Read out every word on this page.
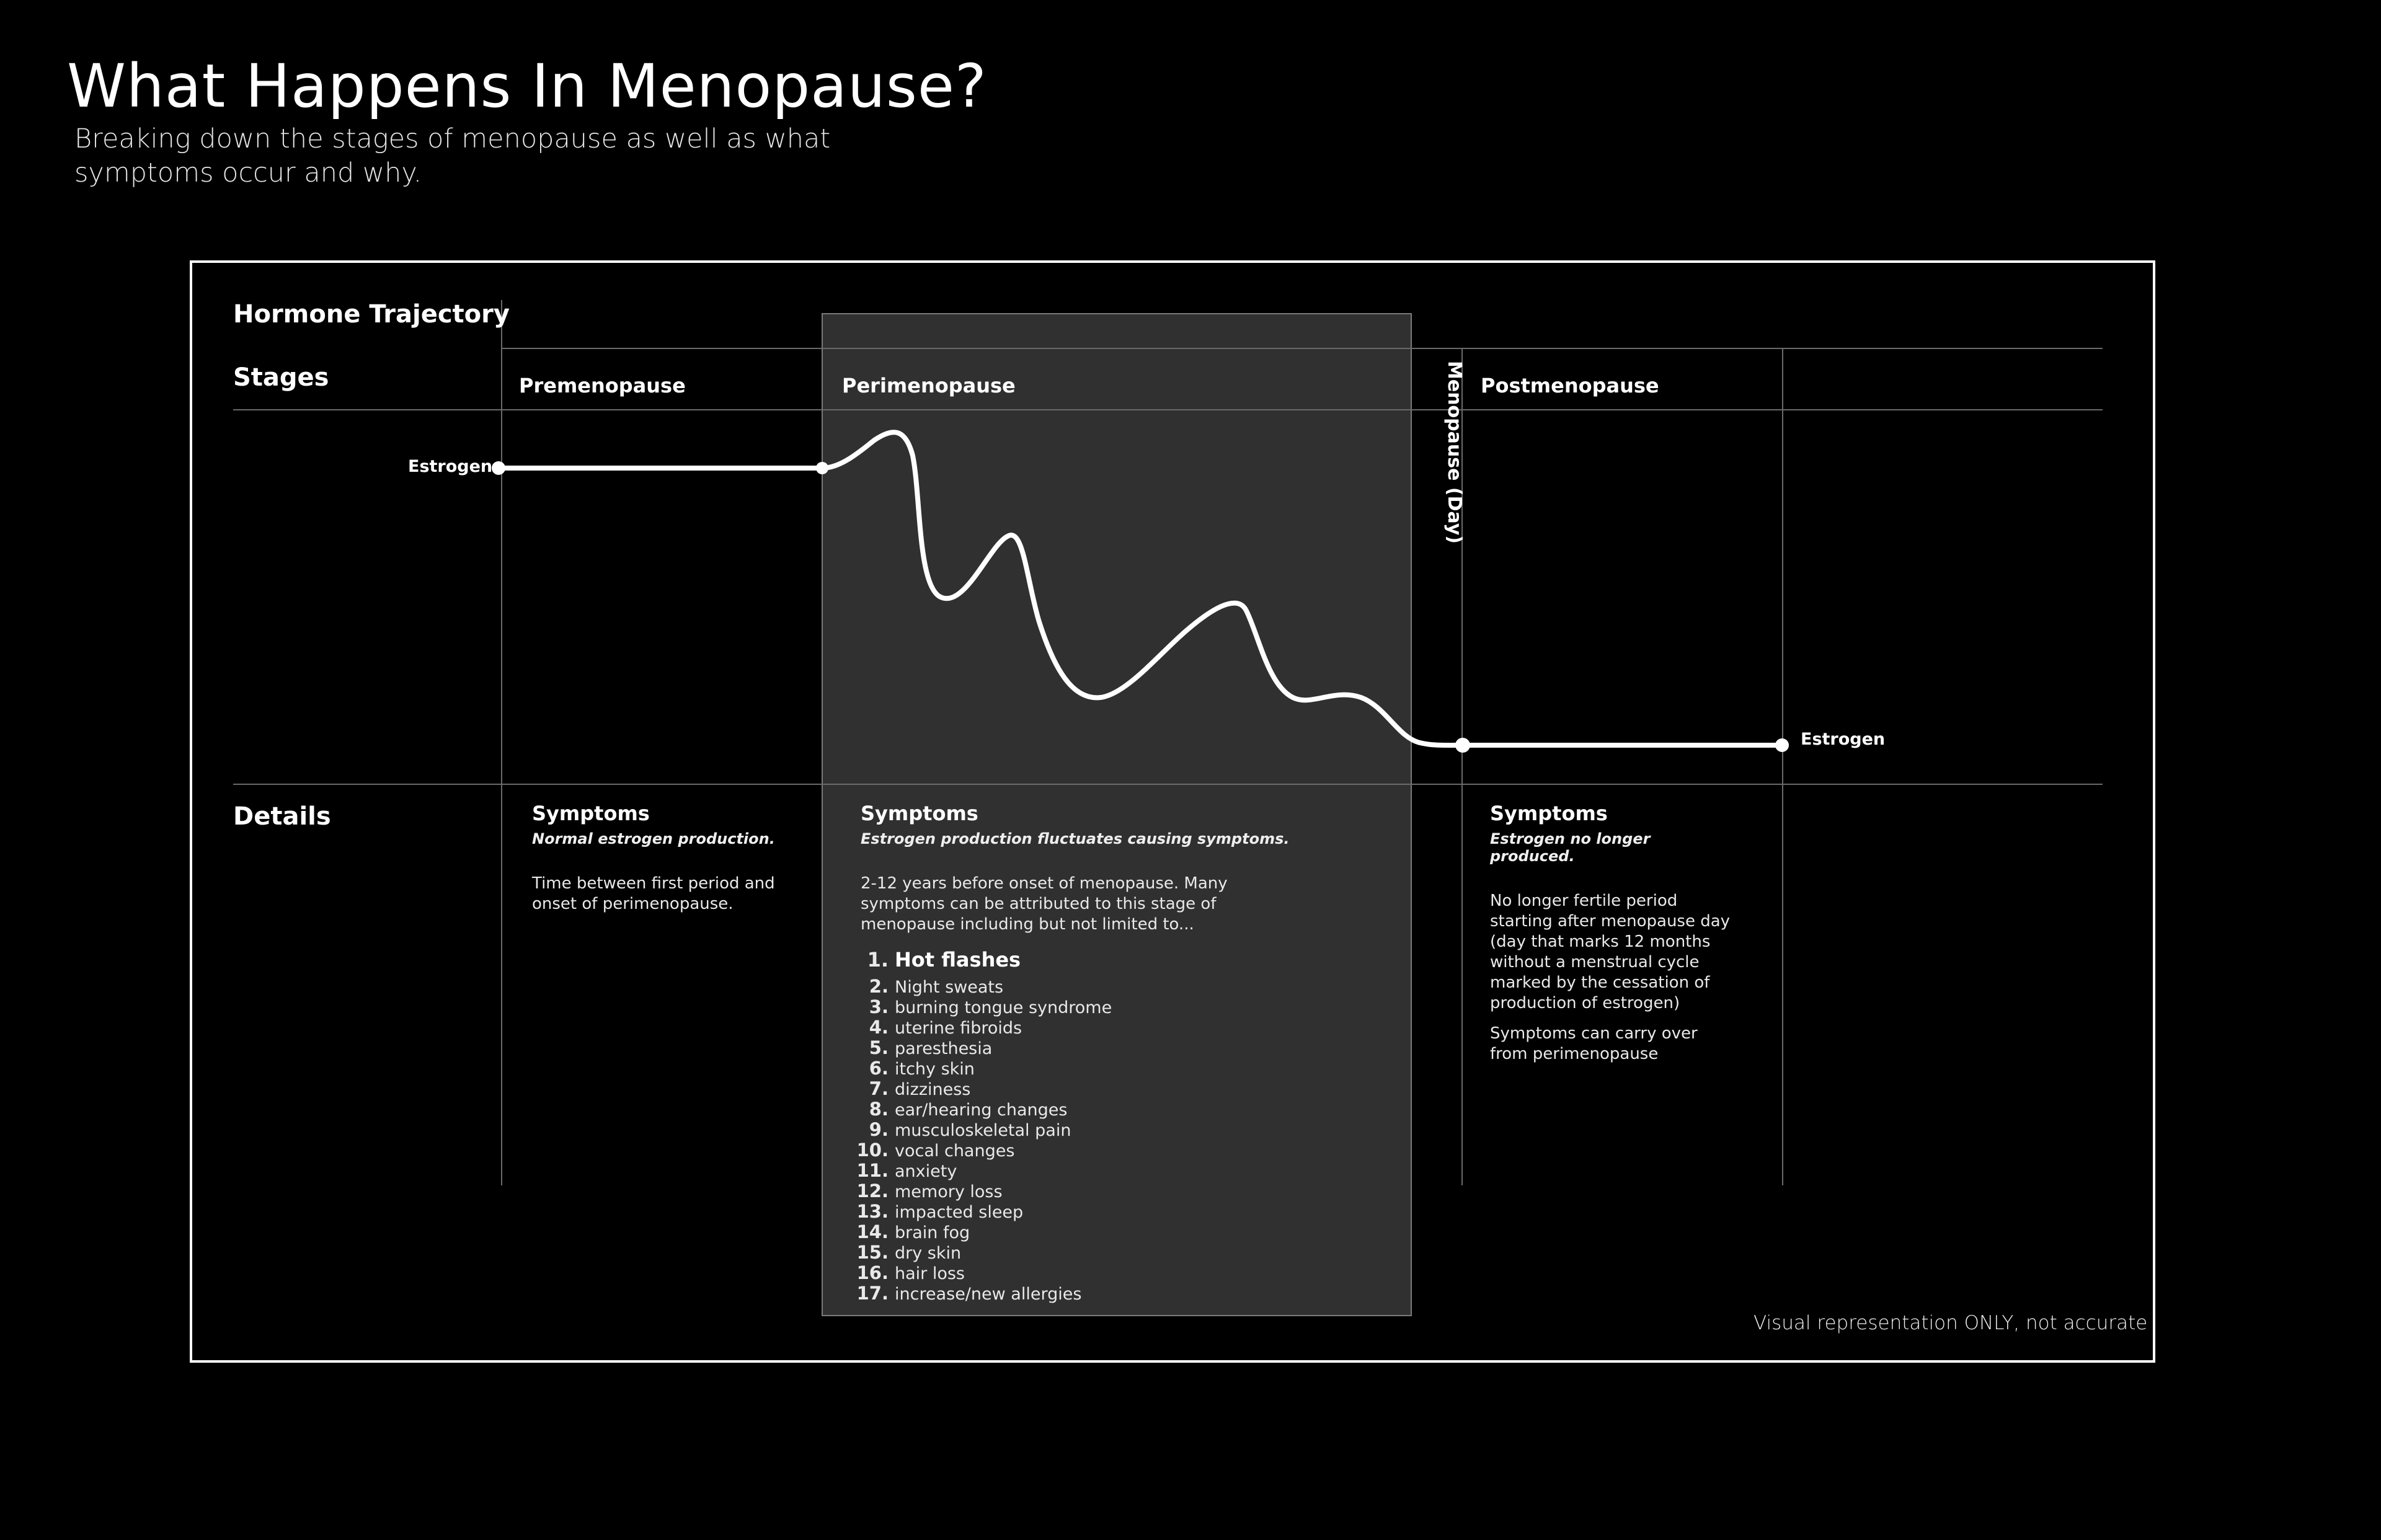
What Happens In Menopause?

Breaking down the stages of menopause as well as what symptoms occur and why.

Hormone Trajectory
Stages
Details
Premenopause	Perimenopause	Menopause (Day) Postmenopause
Estrogen
Estrogen

Symptoms

Normal estrogen production.

Time between first period and onset of perimenopause.

Symptoms

Estrogen production fluctuates causing symptoms.

2-12 years before onset of menopause. Many symptoms can be attributed to this stage of menopause including but not limited to...

1. Hot flashes
2. Night sweats
3. burning tongue syndrome
4. uterine fibroids
5. paresthesia
6. itchy skin
7. dizziness
8. ear/hearing changes
9. musculoskeletal pain
10. vocal changes
11. anxiety
12. memory loss
13. impacted sleep
14. brain fog
15. dry skin
16. hair loss
17. increase/new allergies

Symptoms

Estrogen no longer produced.

No longer fertile period starting after menopause day (day that marks 12 months without a menstrual cycle marked by the cessation of production of estrogen)

Symptoms can carry over from perimenopause

Visual representation ONLY, not accurate
